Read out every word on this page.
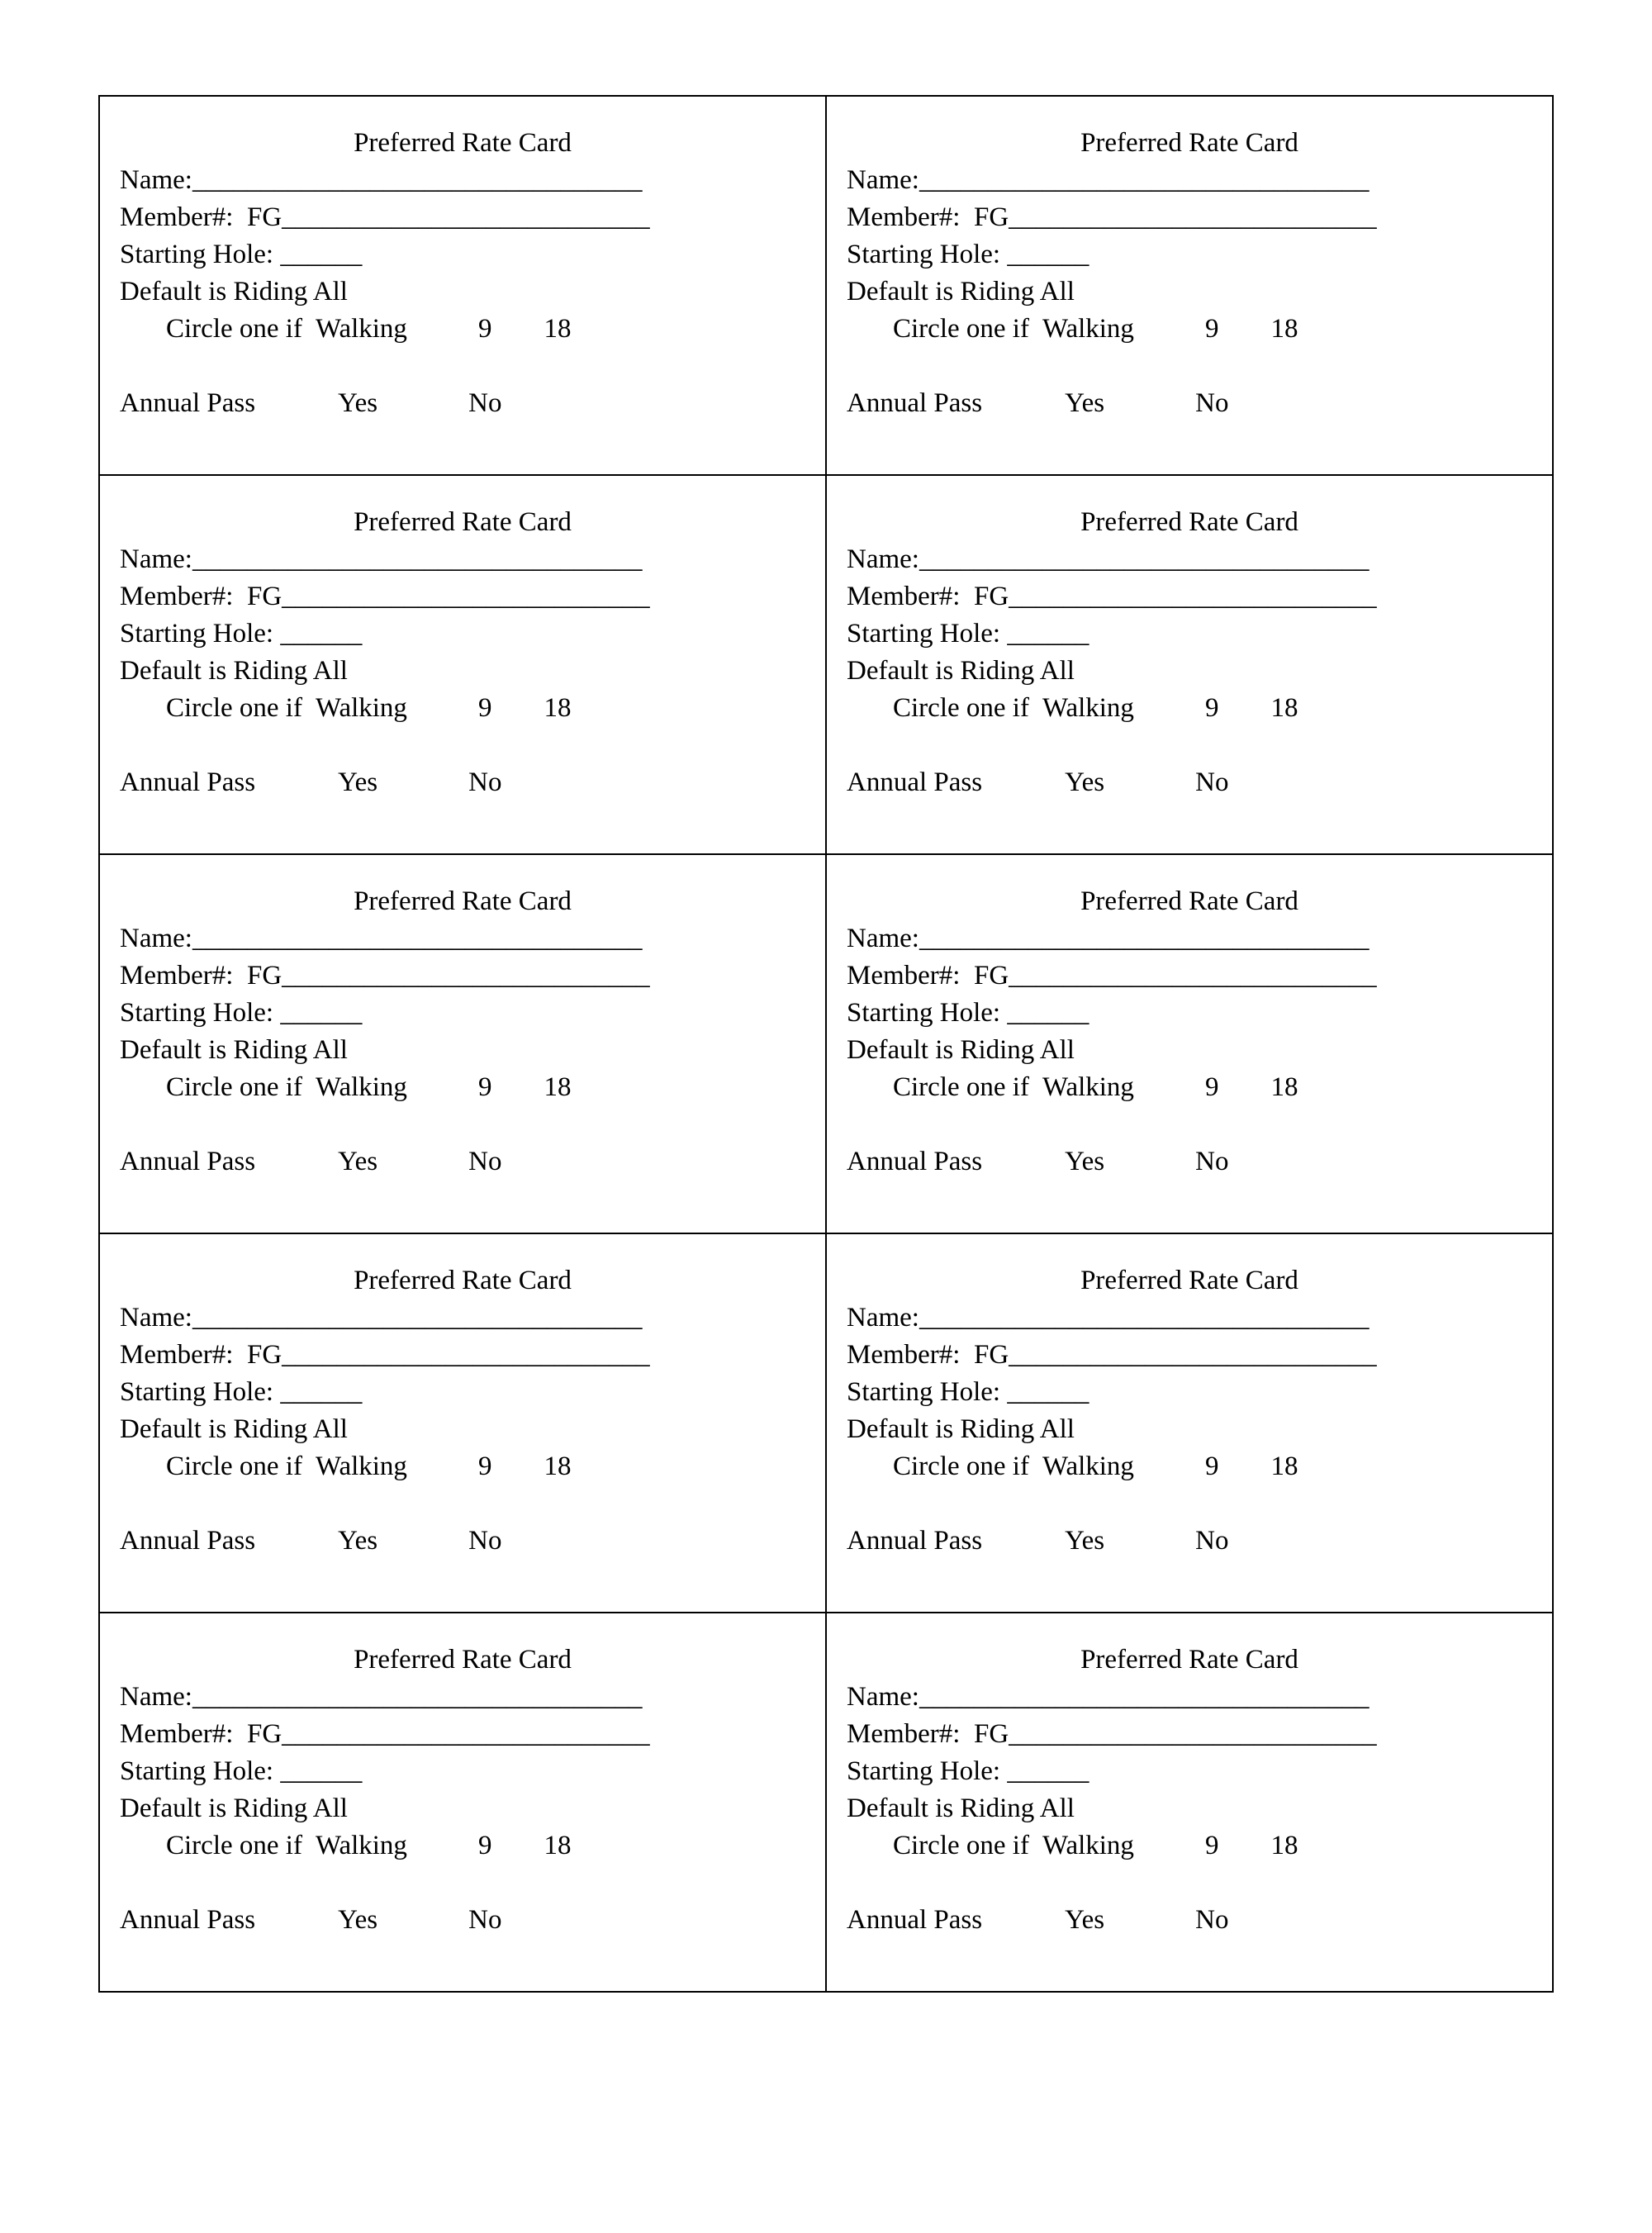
Preferred Rate Card
Name:_________________________________
Member#:  FG___________________________
Starting Hole: ______
Default is Riding All
Circle one if Walking	9 18
Annual Pass	Yes	No
Preferred Rate Card
Name:_________________________________
Member#:  FG___________________________
Starting Hole: ______
Default is Riding All
Circle one if Walking	9 18
Annual Pass	Yes	No
Preferred Rate Card
Name:_________________________________
Member#:  FG___________________________
Starting Hole: ______
Default is Riding All
Circle one if Walking	9 18
Annual Pass	Yes	No
Preferred Rate Card
Name:_________________________________
Member#:  FG___________________________
Starting Hole: ______
Default is Riding All
Circle one if Walking	9 18
Annual Pass	Yes	No
Preferred Rate Card
Name:_________________________________
Member#:  FG___________________________
Starting Hole: ______
Default is Riding All
Circle one if Walking	9 18
Annual Pass	Yes	No
Preferred Rate Card
Name:_________________________________
Member#:  FG___________________________
Starting Hole: ______
Default is Riding All
Circle one if Walking	9 18
Annual Pass	Yes	No
Preferred Rate Card
Name:_________________________________
Member#:  FG___________________________
Starting Hole: ______
Default is Riding All
Circle one if Walking	9 18
Annual Pass	Yes	No
Preferred Rate Card
Name:_________________________________
Member#:  FG___________________________
Starting Hole: ______
Default is Riding All
Circle one if Walking	9 18
Annual Pass	Yes	No
Preferred Rate Card
Name:_________________________________
Member#:  FG___________________________
Starting Hole: ______
Default is Riding All
Circle one if Walking	9 18
Annual Pass	Yes	No
Preferred Rate Card
Name:_________________________________
Member#:  FG___________________________
Starting Hole: ______
Default is Riding All
Circle one if Walking	9 18
Annual Pass	Yes	No
